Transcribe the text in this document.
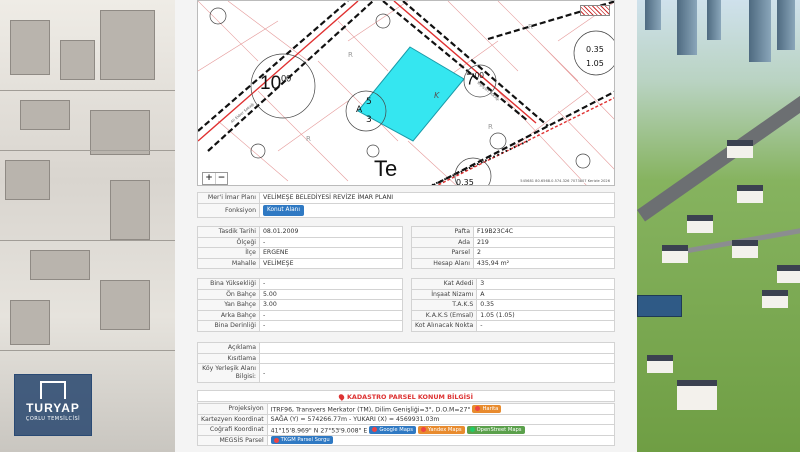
TURYAP
ÇORLU TEMSİLCİSİ
$10^{00}$	$7^{00}$
Te
0.35
1.05
0.35
A
5
3
K
R
R
R
R
Ali Ekber Sokağı
Yeşilyurt Sokağı
+ −	545681 80.6568.0.574.326 7073807 Kerizle 2026
Mer'i İmar Planı	VELİMEŞE BELEDİYESİ REVİZE İMAR PLANI
Fonksiyon	Konut Alanı
Tasdik Tarihi	08.01.2009
Ölçeği	-
İlçe	ERGENE
Mahalle	VELİMEŞE
Pafta	F19B23C4C
Ada	219
Parsel	2
Hesap Alanı	435,94 m²
Bina Yüksekliği	-
Ön Bahçe	5.00
Yan Bahçe	3.00
Arka Bahçe	-
Bina Derinliği	-
Kat Adedi	3
İnşaat Nizamı	A
T.A.K.S	0.35
K.A.K.S (Emsal)	1.05 (1.05)
Kot Alınacak Nokta	-
Açıklama	
Kısıtlama	
Köy Yerleşik Alanı Bilgisi:	-
KADASTRO PARSEL KONUM BİLGİSİ
Projeksiyon	ITRF96, Transvers Merkator (TM), Dilim Genişliği=3°, D.O.M=27° Harita

Kartezyen Koordinat	SAĞA (Y) = 574266.77m - YUKARI (X) = 4569931.03m
Coğrafi Koordinat	41°15'8.969" N 27°53'9.008" E Google Maps Yandex Maps OpenStreet Maps

MEGSİS Parsel	TKGM Parsel Sorgu
